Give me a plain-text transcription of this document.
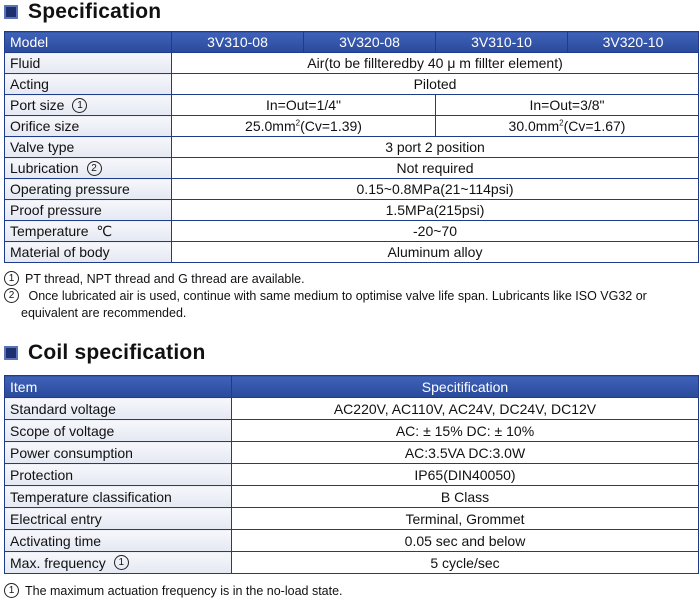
Specification
Model	3V310-08	3V320-08	3V310-10	3V320-10
Fluid	Air(to be fillteredby 40 μ m fillter element)			
Acting	Piloted			
Port size 1	In=Out=1/4"		In=Out=3/8"	
Orifice size	$25.0mm^2(Cv=1.39)$		$30.0mm^2(Cv=1.67)$	
Valve type	3 port 2 position			
Lubrication 2	Not required			
Operating pressure	0.15~0.8MPa(21~114psi)			
Proof pressure	1.5MPa(215psi)			
Temperature ℃	-20~70			
Material of body	Aluminum alloy			
1 PT thread, NPT thread and G thread are available.
2 Once lubricated air is used, continue with same medium to optimise valve life span. Lubricants like ISO VG32 or
equivalent are recommended.
Coil specification
Item	Specitification
Standard voltage	AC220V, AC110V, AC24V, DC24V, DC12V
Scope of voltage	AC: ± 15% DC: ± 10%
Power consumption	AC:3.5VA DC:3.0W
Protection	IP65(DIN40050)
Temperature classification	B Class
Electrical entry	Terminal, Grommet
Activating time	0.05 sec and below
Max. frequency 1	5 cycle/sec
1 The maximum actuation frequency is in the no-load state.
